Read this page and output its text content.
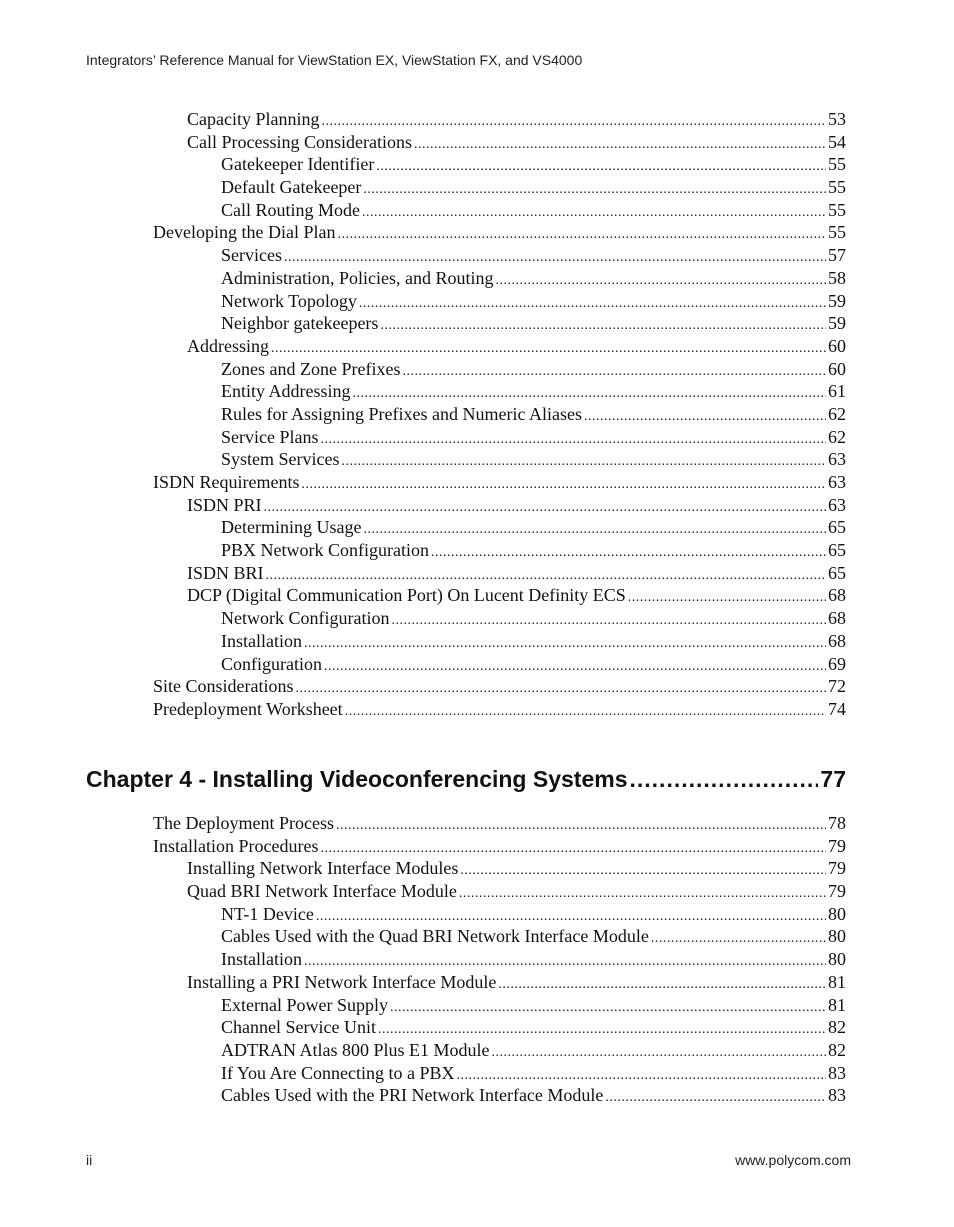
Integrators’ Reference Manual for ViewStation EX, ViewStation FX, and VS4000
Capacity Planning .....	53
Call Processing Considerations .....	54
Gatekeeper Identifier .....	55
Default Gatekeeper .....	55
Call Routing Mode .....	55
Developing the Dial Plan .....	55
Services .....	57
Administration, Policies, and Routing .....	58
Network Topology .....	59
Neighbor gatekeepers .....	59
Addressing .....	60
Zones and Zone Prefixes .....	60
Entity Addressing .....	61
Rules for Assigning Prefixes and Numeric Aliases .....	62
Service Plans .....	62
System Services .....	63
ISDN Requirements .....	63
ISDN PRI .....	63
Determining Usage .....	65
PBX Network Configuration .....	65
ISDN BRI .....	65
DCP (Digital Communication Port) On Lucent Definity ECS .....	68
Network Configuration .....	68
Installation .....	68
Configuration .....	69
Site Considerations .....	72
Predeployment Worksheet .....	74
Chapter 4 - Installing Videoconferencing Systems .....	77
The Deployment Process .....	78
Installation Procedures .....	79
Installing Network Interface Modules .....	79
Quad BRI Network Interface Module .....	79
NT-1 Device .....	80
Cables Used with the Quad BRI Network Interface Module .....	80
Installation .....	80
Installing a PRI Network Interface Module .....	81
External Power Supply .....	81
Channel Service Unit .....	82
ADTRAN Atlas 800 Plus E1 Module .....	82
If You Are Connecting to a PBX .....	83
Cables Used with the PRI Network Interface Module .....	83
ii	www.polycom.com
